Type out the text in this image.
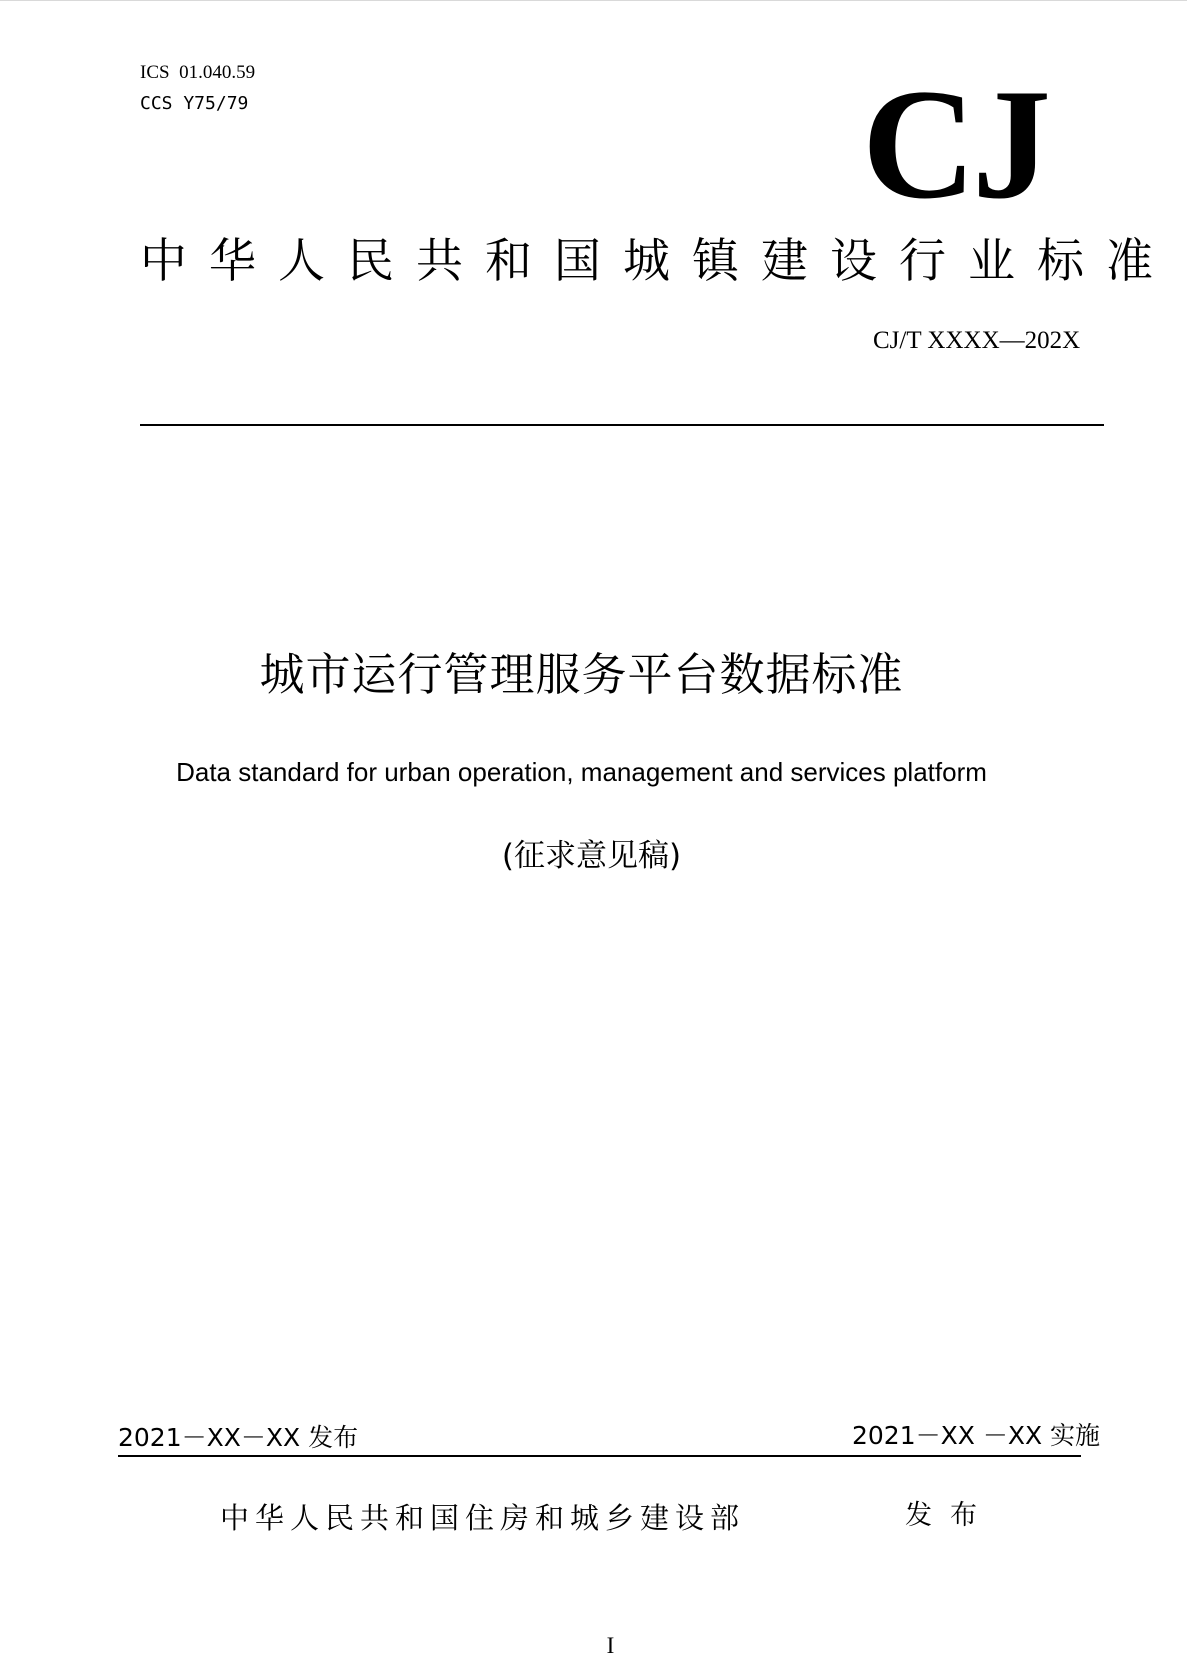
ICS  01.040.59
CCS Y75/79	CJ
中华人民共和国城镇建设行业标准
CJ/T XXXX—202X
城市运行管理服务平台数据标准
Data standard for urban operation, management and services platform
(征求意见稿)
2021－XX－XX 发布	2021－XX －XX 实施
中华人民共和国住房和城乡建设部	发布
I
